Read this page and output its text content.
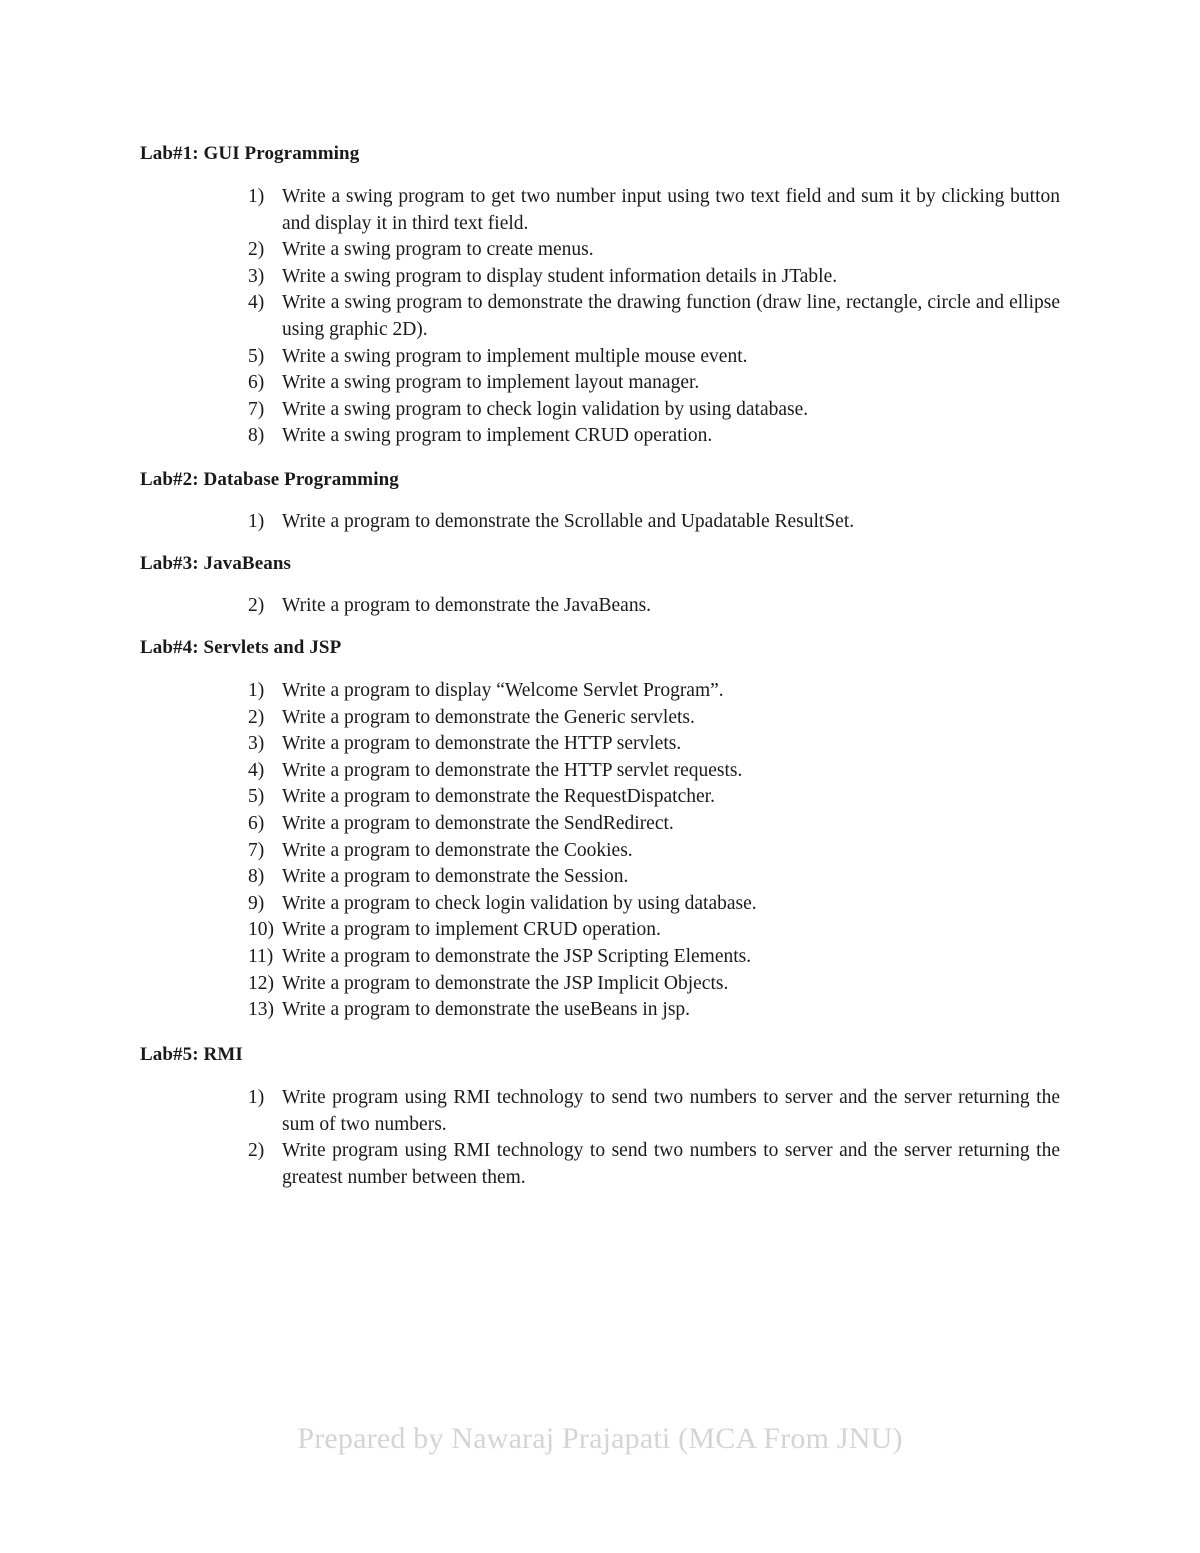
Lab#1: GUI Programming
1) Write a swing program to get two number input using two text field and sum it by clicking button and display it in third text field.
2) Write a swing program to create menus.
3) Write a swing program to display student information details in JTable.
4) Write a swing program to demonstrate the drawing function (draw line, rectangle, circle and ellipse using graphic 2D).
5) Write a swing program to implement multiple mouse event.
6) Write a swing program to implement layout manager.
7) Write a swing program to check login validation by using database.
8) Write a swing program to implement CRUD operation.
Lab#2: Database Programming
1) Write a program to demonstrate the Scrollable and Upadatable ResultSet.
Lab#3: JavaBeans
2) Write a program to demonstrate the JavaBeans.
Lab#4: Servlets and JSP
1) Write a program to display “Welcome Servlet Program”.
2) Write a program to demonstrate the Generic servlets.
3) Write a program to demonstrate the HTTP servlets.
4) Write a program to demonstrate the HTTP servlet requests.
5) Write a program to demonstrate the RequestDispatcher.
6) Write a program to demonstrate the SendRedirect.
7) Write a program to demonstrate the Cookies.
8) Write a program to demonstrate the Session.
9) Write a program to check login validation by using database.
10) Write a program to implement CRUD operation.
11) Write a program to demonstrate the JSP Scripting Elements.
12) Write a program to demonstrate the JSP Implicit Objects.
13) Write a program to demonstrate the useBeans in jsp.
Lab#5: RMI
1) Write program using RMI technology to send two numbers to server and the server returning the sum of two numbers.
2) Write program using RMI technology to send two numbers to server and the server returning the greatest number between them.
Prepared by Nawaraj Prajapati (MCA From JNU)
